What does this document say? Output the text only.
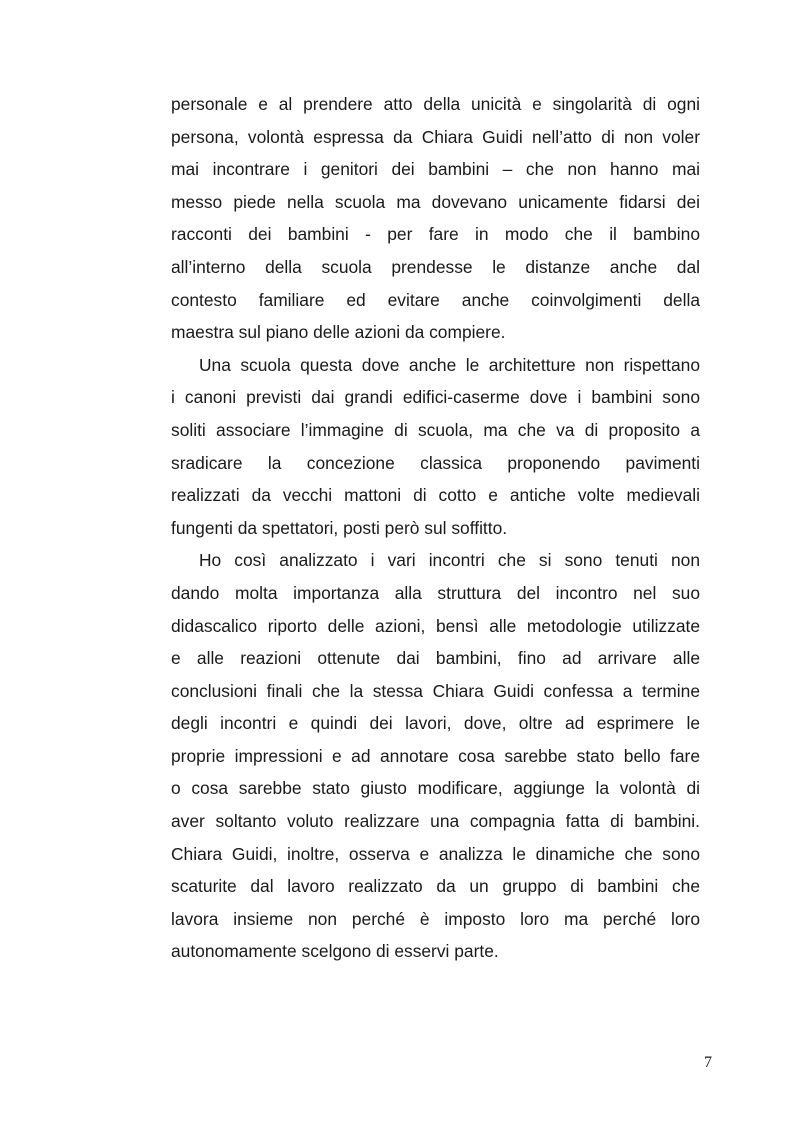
personale e al prendere atto della unicità e singolarità di ogni
persona, volontà espressa da Chiara Guidi nell’atto di non voler
mai incontrare i genitori dei bambini – che non hanno mai
messo piede nella scuola ma dovevano unicamente fidarsi dei
racconti dei bambini - per fare in modo che il bambino
all’interno della scuola prendesse le distanze anche dal
contesto familiare ed evitare anche coinvolgimenti della
maestra sul piano delle azioni da compiere.
Una scuola questa dove anche le architetture non rispettano
i canoni previsti dai grandi edifici-caserme dove i bambini sono
soliti associare l’immagine di scuola, ma che va di proposito a
sradicare la concezione classica proponendo pavimenti
realizzati da vecchi mattoni di cotto e antiche volte medievali
fungenti da spettatori, posti però sul soffitto.
Ho così analizzato i vari incontri che si sono tenuti non
dando molta importanza alla struttura del incontro nel suo
didascalico riporto delle azioni, bensì alle metodologie utilizzate
e alle reazioni ottenute dai bambini, fino ad arrivare alle
conclusioni finali che la stessa Chiara Guidi confessa a termine
degli incontri e quindi dei lavori, dove, oltre ad esprimere le
proprie impressioni e ad annotare cosa sarebbe stato bello fare
o cosa sarebbe stato giusto modificare, aggiunge la volontà di
aver soltanto voluto realizzare una compagnia fatta di bambini.
Chiara Guidi, inoltre, osserva e analizza le dinamiche che sono
scaturite dal lavoro realizzato da un gruppo di bambini che
lavora insieme non perché è imposto loro ma perché loro
autonomamente scelgono di esservi parte.
7
